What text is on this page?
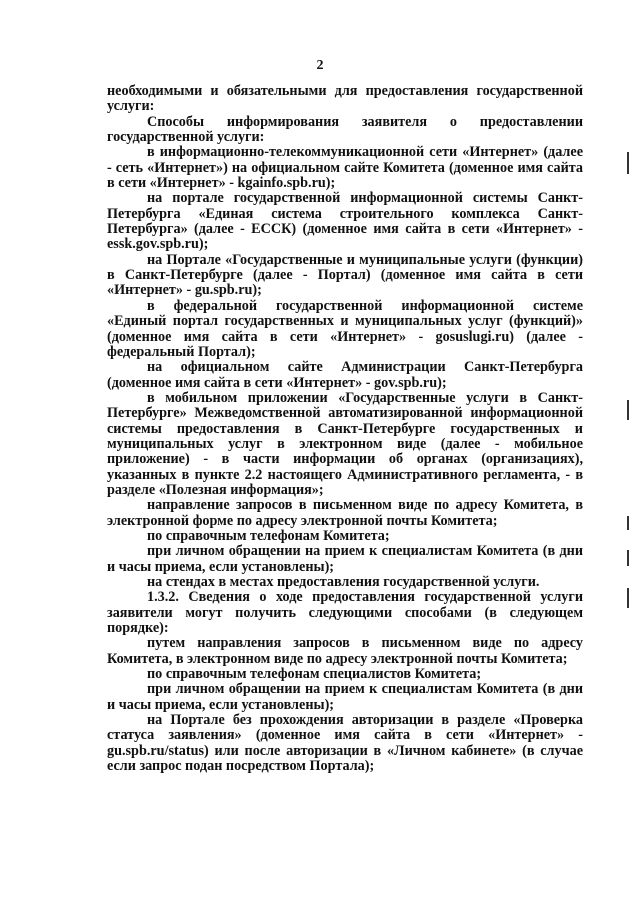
2

необходимыми и обязательными для предоставления государственной услуги:

Способы информирования заявителя о предоставлении государственной услуги:

в информационно-телекоммуникационной сети «Интернет» (далее - сеть «Интернет») на официальном сайте Комитета (доменное имя сайта в сети «Интернет» - kgainfo.spb.ru);

на портале государственной информационной системы Санкт-Петербурга «Единая система строительного комплекса Санкт-Петербурга» (далее - ЕССК) (доменное имя сайта в сети «Интернет» - essk.gov.spb.ru);

на Портале «Государственные и муниципальные услуги (функции) в Санкт-Петербурге (далее - Портал) (доменное имя сайта в сети «Интернет» - gu.spb.ru);

в федеральной государственной информационной системе «Единый портал государственных и муниципальных услуг (функций)» (доменное имя сайта в сети «Интернет» - gosuslugi.ru) (далее - федеральный Портал);

на официальном сайте Администрации Санкт-Петербурга (доменное имя сайта в сети «Интернет» - gov.spb.ru);

в мобильном приложении «Государственные услуги в Санкт-Петербурге» Межведомственной автоматизированной информационной системы предоставления в Санкт-Петербурге государственных и муниципальных услуг в электронном виде (далее - мобильное приложение) - в части информации об органах (организациях), указанных в пункте 2.2 настоящего Административного регламента, - в разделе «Полезная информация»;

направление запросов в письменном виде по адресу Комитета, в электронной форме по адресу электронной почты Комитета;

по справочным телефонам Комитета;

при личном обращении на прием к специалистам Комитета (в дни и часы приема, если установлены);

на стендах в местах предоставления государственной услуги.

1.3.2. Сведения о ходе предоставления государственной услуги заявители могут получить следующими способами (в следующем порядке):

путем направления запросов в письменном виде по адресу Комитета, в электронном виде по адресу электронной почты Комитета;

по справочным телефонам специалистов Комитета;

при личном обращении на прием к специалистам Комитета (в дни и часы приема, если установлены);

на Портале без прохождения авторизации в разделе «Проверка статуса заявления» (доменное имя сайта в сети «Интернет» - gu.spb.ru/status) или после авторизации в «Личном кабинете» (в случае если запрос подан посредством Портала);
